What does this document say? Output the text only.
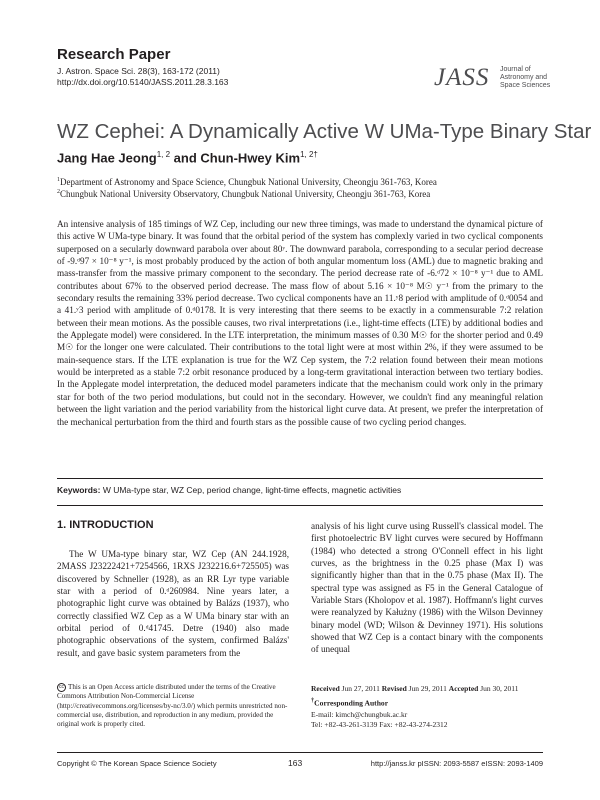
Research Paper
J. Astron. Space Sci. 28(3), 163-172 (2011)
http://dx.doi.org/10.5140/JASS.2011.28.3.163	JASS Journal of
Astronomy and
Space Sciences
WZ Cephei: A Dynamically Active W UMa-Type Binary Star
Jang Hae Jeong$^{1, 2}$ and Chun-Hwey Kim$^{1, 2\dagger}$
$^1$Department of Astronomy and Space Science, Chungbuk National University, Cheongju 361-763, Korea
$^2$Chungbuk National University Observatory, Chungbuk National University, Cheongju 361-763, Korea

An intensive analysis of 185 timings of WZ Cep, including our new three timings, was made to understand the dynamical picture of this active W UMa-type binary. It was found that the orbital period of the system has complexly varied in two cyclical components superposed on a secularly downward parabola over about 80ʸ. The downward parabola, corresponding to a secular period decrease of -9.ᵈ97 × 10⁻⁸ y⁻¹, is most probably produced by the action of both angular momentum loss (AML) due to magnetic braking and mass-transfer from the massive primary component to the secondary. The period decrease rate of -6.ᵈ72 × 10⁻⁸ y⁻¹ due to AML contributes about 67% to the observed period decrease. The mass flow of about 5.16 × 10⁻⁸ M☉ y⁻¹ from the primary to the secondary results the remaining 33% period decrease. Two cyclical components have an 11.ʸ8 period with amplitude of 0.ᵈ0054 and a 41.ʸ3 period with amplitude of 0.ᵈ0178. It is very interesting that there seems to be exactly in a commensurable 7:2 relation between their mean motions. As the possible causes, two rival interpretations (i.e., light-time effects (LTE) by additional bodies and the Applegate model) were considered. In the LTE interpretation, the minimum masses of 0.30 M☉ for the shorter period and 0.49 M☉ for the longer one were calculated. Their contributions to the total light were at most within 2%, if they were assumed to be main-sequence stars. If the LTE explanation is true for the WZ Cep system, the 7:2 relation found between their mean motions would be interpreted as a stable 7:2 orbit resonance produced by a long-term gravitational interaction between two tertiary bodies. In the Applegate model interpretation, the deduced model parameters indicate that the mechanism could work only in the primary star for both of the two period modulations, but could not in the secondary. However, we couldn't find any meaningful relation between the light variation and the period variability from the historical light curve data. At present, we prefer the interpretation of the mechanical perturbation from the third and fourth stars as the possible cause of two cycling period changes.

Keywords: W UMa-type star, WZ Cep, period change, light-time effects, magnetic activities
1. INTRODUCTION

The W UMa-type binary star, WZ Cep (AN 244.1928, 2MASS J23222421+7254566, 1RXS J232216.6+725505) was discovered by Schneller (1928), as an RR Lyr type variable star with a period of 0.ᵈ260984. Nine years later, a photographic light curve was obtained by Balázs (1937), who correctly classified WZ Cep as a W UMa binary star with an orbital period of 0.ᵈ41745. Detre (1940) also made photographic observations of the system, confirmed Balázs' result, and gave basic system parameters from the

analysis of his light curve using Russell's classical model. The first photoelectric BV light curves were secured by Hoffmann (1984) who detected a strong O'Connell effect in his light curves, as the brightness in the 0.25 phase (Max I) was significantly higher than that in the 0.75 phase (Max II). The spectral type was assigned as F5 in the General Catalogue of Variable Stars (Kholopov et al. 1987). Hoffmann's light curves were reanalyzed by Kałużny (1986) with the Wilson Devinney binary model (WD; Wilson & Devinney 1971). His solutions showed that WZ Cep is a contact binary with the components of unequal

cc This is an Open Access article distributed under the terms of the Creative Commons Attribution Non-Commercial License (http://creativecommons.org/licenses/by-nc/3.0/) which permits unrestricted non-commercial use, distribution, and reproduction in any medium, provided the original work is properly cited.
Received Jun 27, 2011 Revised Jun 29, 2011 Accepted Jun 30, 2011
†Corresponding Author
E-mail: kimch@chungbuk.ac.kr
Tel: +82-43-261-3139 Fax: +82-43-274-2312
Copyright © The Korean Space Science Society	163	http://janss.kr pISSN: 2093-5587 eISSN: 2093-1409
